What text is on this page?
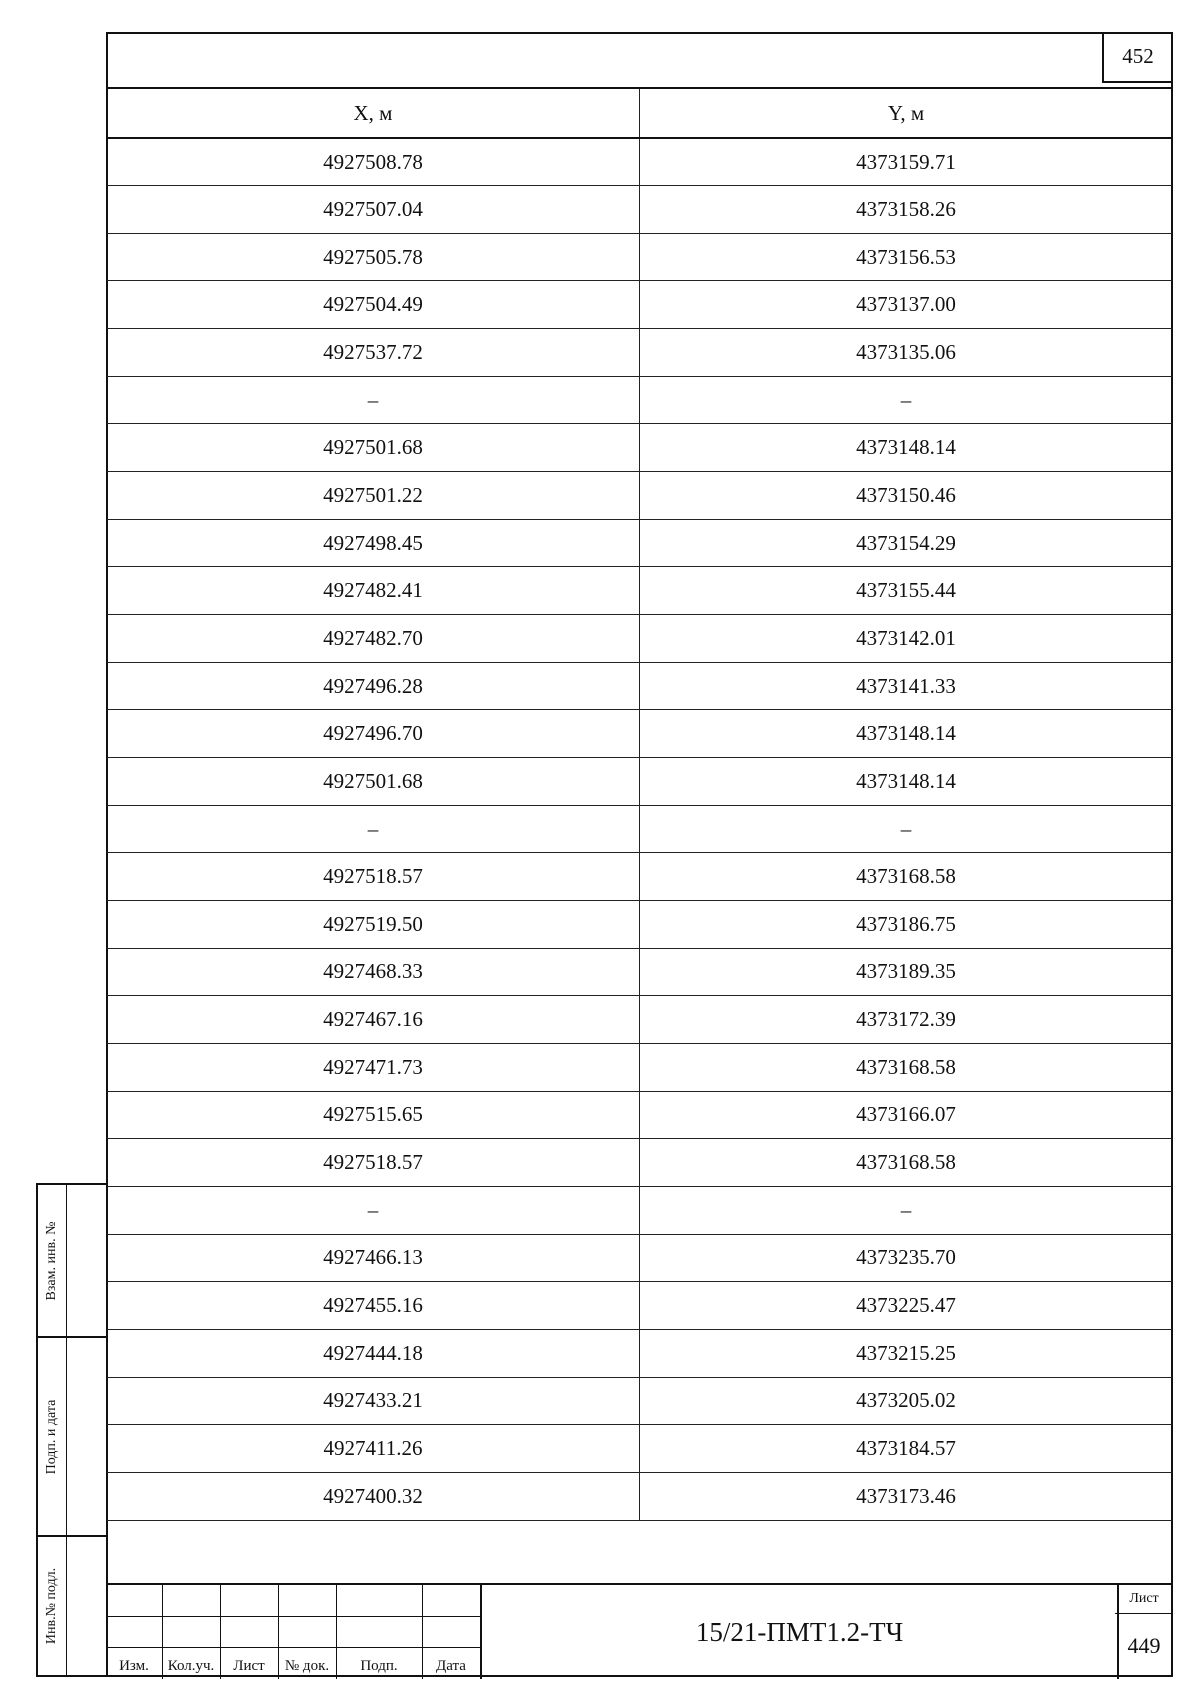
452
X, м	Y, м
4927508.78	4373159.71
4927507.04	4373158.26
4927505.78	4373156.53
4927504.49	4373137.00
4927537.72	4373135.06
–	–
4927501.68	4373148.14
4927501.22	4373150.46
4927498.45	4373154.29
4927482.41	4373155.44
4927482.70	4373142.01
4927496.28	4373141.33
4927496.70	4373148.14
4927501.68	4373148.14
–	–
4927518.57	4373168.58
4927519.50	4373186.75
4927468.33	4373189.35
4927467.16	4373172.39
4927471.73	4373168.58
4927515.65	4373166.07
4927518.57	4373168.58
–	–
4927466.13	4373235.70
4927455.16	4373225.47
4927444.18	4373215.25
4927433.21	4373205.02
4927411.26	4373184.57
4927400.32	4373173.46
Взам. инв. №
Подп. и дата
Инв.№ подл.
Изм.	Кол.уч.	Лист	№ док.	Подп.	Дата
15/21-ПМТ1.2-ТЧ
Лист
449
